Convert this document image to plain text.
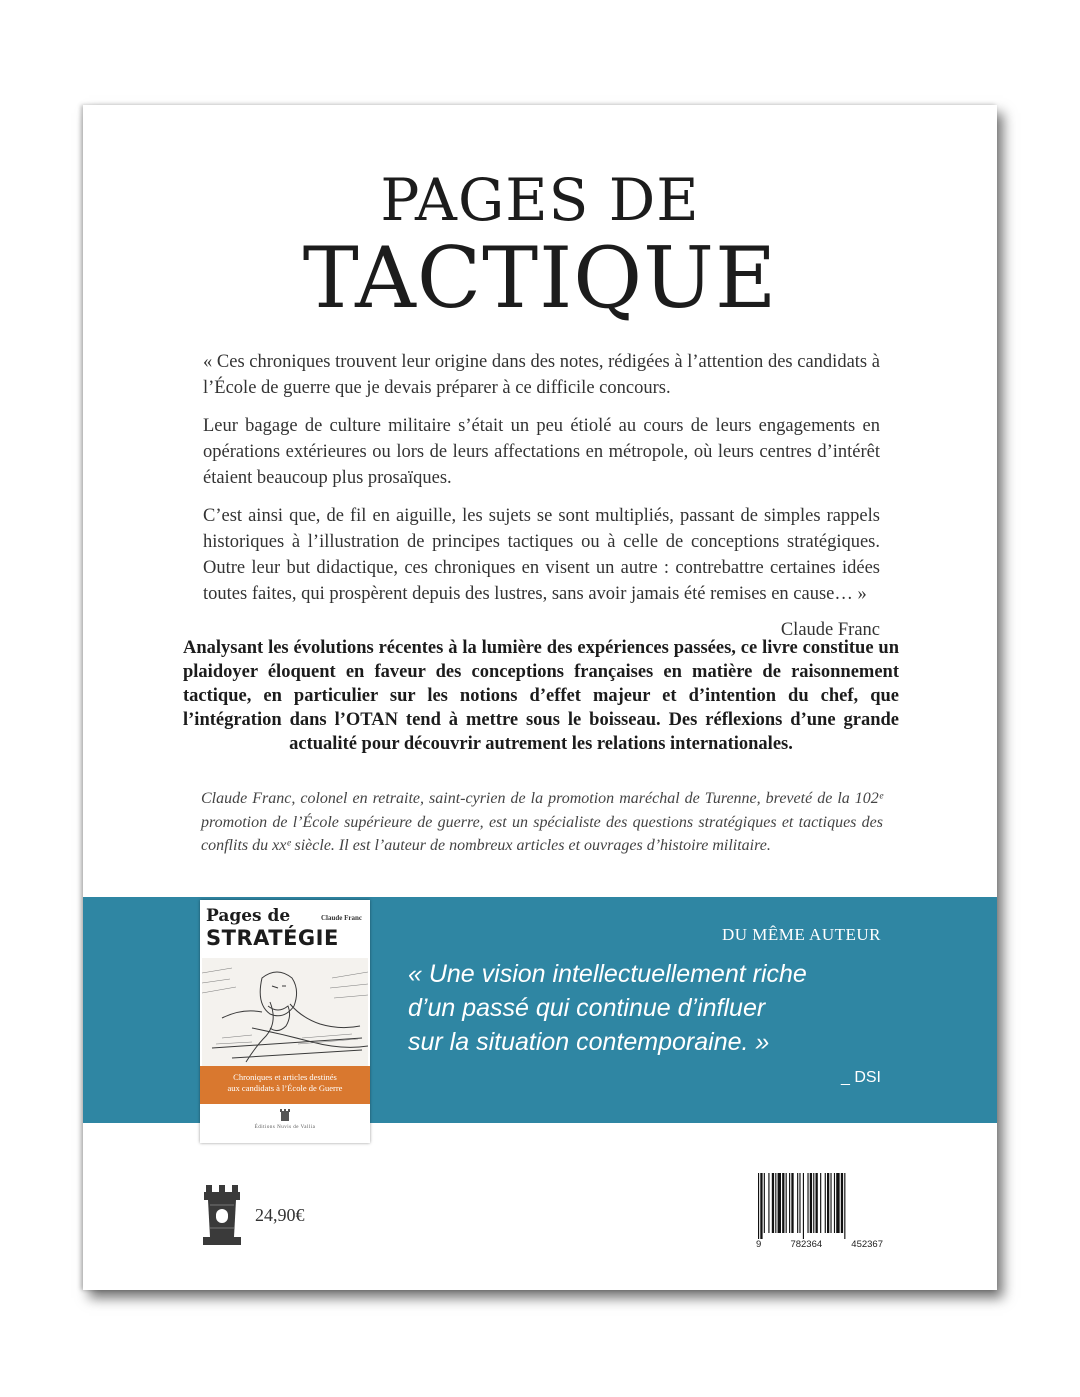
PAGES DE
TACTIQUE

« Ces chroniques trouvent leur origine dans des notes, rédigées à l’attention des candidats à l’École de guerre que je devais préparer à ce difficile concours.

Leur bagage de culture militaire s’était un peu étiolé au cours de leurs engagements en opérations extérieures ou lors de leurs affectations en métropole, où leurs centres d’intérêt étaient beaucoup plus prosaïques.

C’est ainsi que, de fil en aiguille, les sujets se sont multipliés, passant de simples rappels historiques à l’illustration de principes tactiques ou à celle de conceptions stratégiques. Outre leur but didactique, ces chroniques en visent un autre : contrebattre certaines idées toutes faites, qui prospèrent depuis des lustres, sans avoir jamais été remises en cause… »

Claude Franc
Analysant les évolutions récentes à la lumière des expériences passées, ce livre constitue un plaidoyer éloquent en faveur des conceptions françaises en matière de raisonnement tactique, en particulier sur les notions d’effet majeur et d’intention du chef, que l’intégration dans l’OTAN tend à mettre sous le boisseau. Des réflexions d’une grande actualité pour découvrir autrement les relations internationales.
Claude Franc, colonel en retraite, saint-cyrien de la promotion maréchal de Turenne, breveté de la 102ᵉ promotion de l’École supérieure de guerre, est un spécialiste des questions stratégiques et tactiques des conflits du xxᵉ siècle. Il est l’auteur de nombreux articles et ouvrages d’histoire militaire.
DU MÊME AUTEUR
« Une vision intellectuellement riche
d’un passé qui continue d’influer
sur la situation contemporaine. »
_ DSI
Pages de	Claude Franc
STRATÉGIE
Chroniques et articles destinés
aux candidats à l’École de Guerre
Éditions Nuvis de Vallia
24,90€
9	782364	452367
